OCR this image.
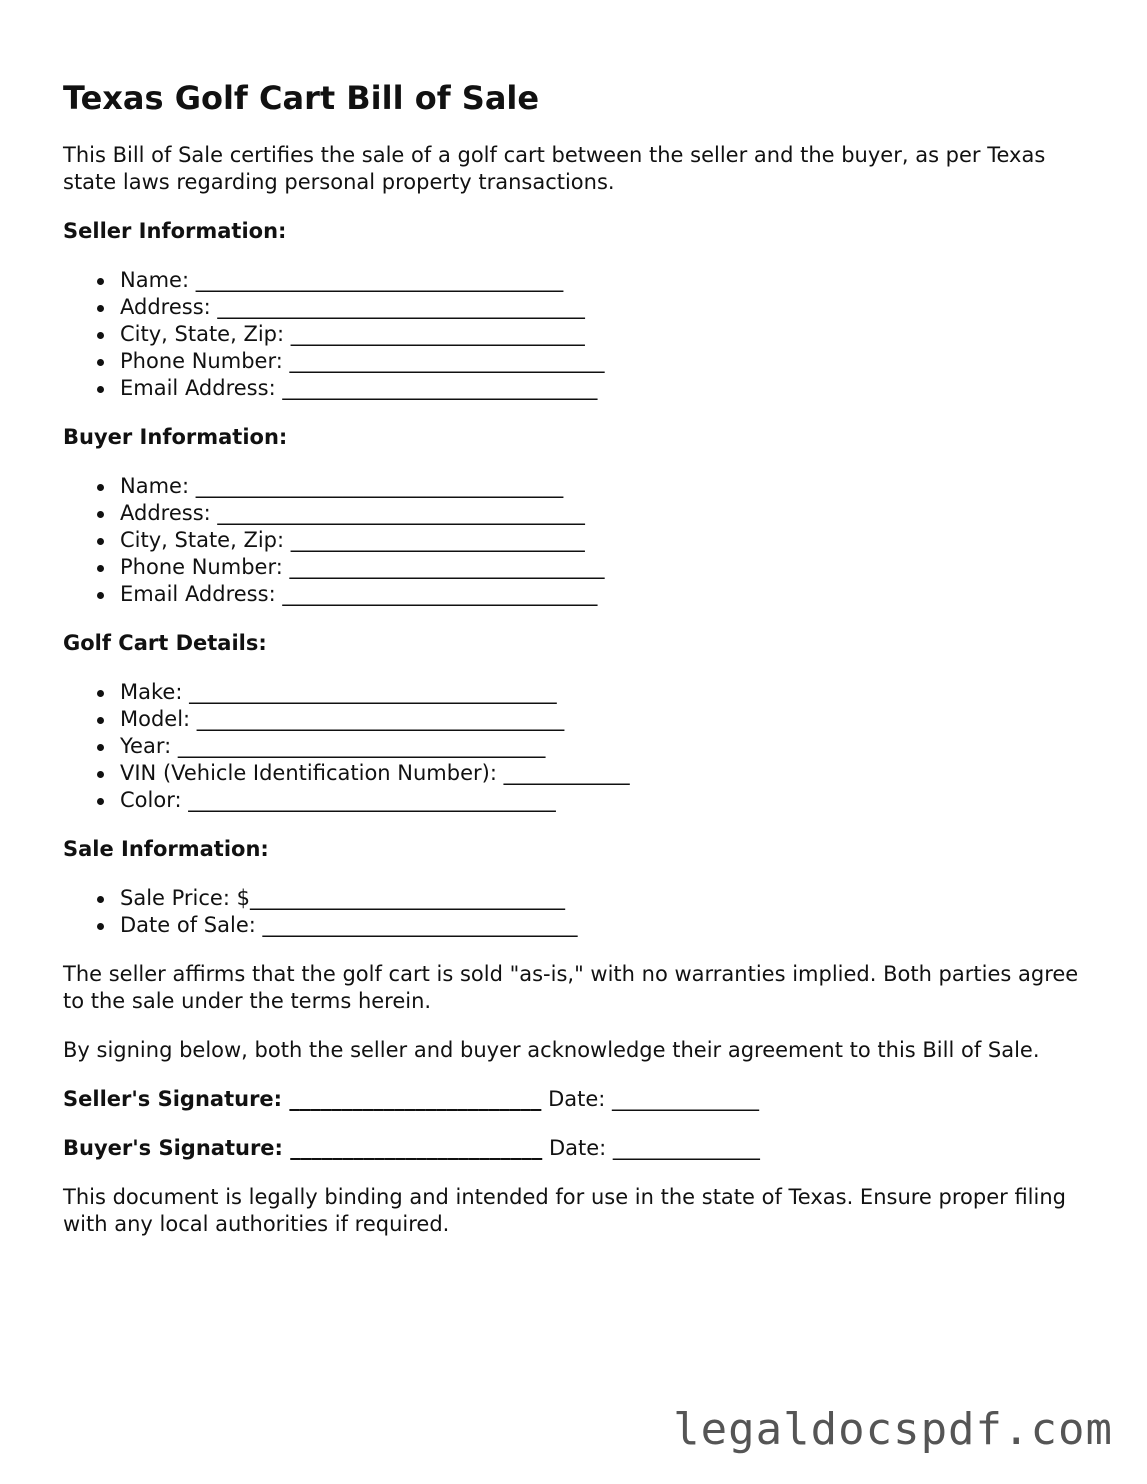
Texas Golf Cart Bill of Sale

This Bill of Sale certifies the sale of a golf cart between the seller and the buyer, as per Texas state laws regarding personal property transactions.

Seller Information:
Name: ___________________________________
Address: ___________________________________
City, State, Zip: ____________________________
Phone Number: ______________________________
Email Address: ______________________________
Buyer Information:
Name: ___________________________________
Address: ___________________________________
City, State, Zip: ____________________________
Phone Number: ______________________________
Email Address: ______________________________
Golf Cart Details:
Make: ___________________________________
Model: ___________________________________
Year: ___________________________________
VIN (Vehicle Identification Number): ____________
Color: ___________________________________
Sale Information:
Sale Price: $______________________________
Date of Sale: ______________________________

The seller affirms that the golf cart is sold "as-is," with no warranties implied. Both parties agree to the sale under the terms herein.

By signing below, both the seller and buyer acknowledge their agreement to this Bill of Sale.

Seller's Signature: ________________________ Date: ______________
Buyer's Signature: ________________________ Date: ______________

This document is legally binding and intended for use in the state of Texas. Ensure proper filing with any local authorities if required.

legaldocspdf.com
